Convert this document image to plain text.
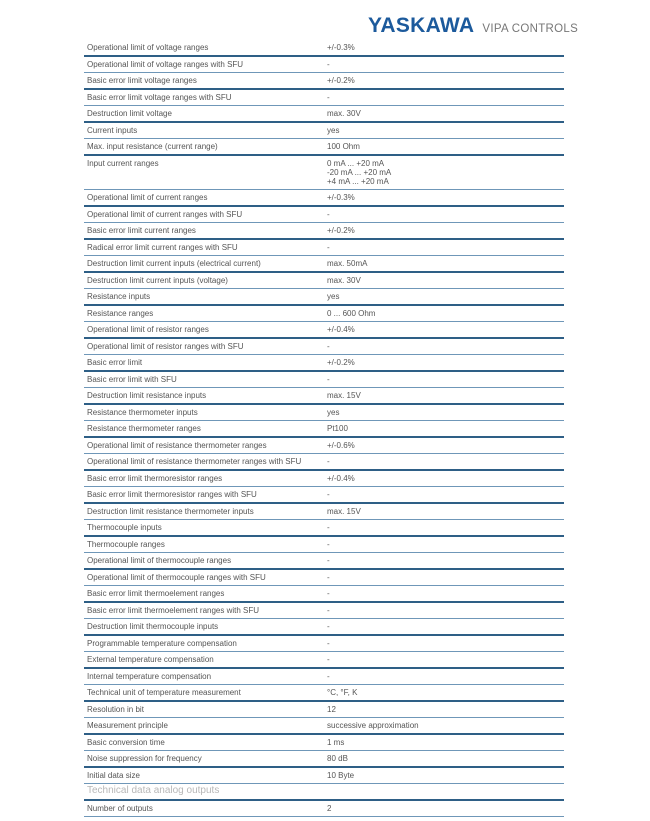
YASKAWA VIPA CONTROLS
Operational limit of voltage ranges	+/-0.3%
Operational limit of voltage ranges with SFU	-
Basic error limit voltage ranges	+/-0.2%
Basic error limit voltage ranges with SFU	-
Destruction limit voltage	max. 30V
Current inputs	yes
Max. input resistance (current range)	100 Ohm
Input current ranges	0 mA ... +20 mA
-20 mA ... +20 mA
+4 mA ... +20 mA
Operational limit of current ranges	+/-0.3%
Operational limit of current ranges with SFU	-
Basic error limit current ranges	+/-0.2%
Radical error limit current ranges with SFU	-
Destruction limit current inputs (electrical current)	max. 50mA
Destruction limit current inputs (voltage)	max. 30V
Resistance inputs	yes
Resistance ranges	0 ... 600 Ohm
Operational limit of resistor ranges	+/-0.4%
Operational limit of resistor ranges with SFU	-
Basic error limit	+/-0.2%
Basic error limit with SFU	-
Destruction limit resistance inputs	max. 15V
Resistance thermometer inputs	yes
Resistance thermometer ranges	Pt100
Operational limit of resistance thermometer ranges	+/-0.6%
Operational limit of resistance thermometer ranges with SFU	-
Basic error limit thermoresistor ranges	+/-0.4%
Basic error limit thermoresistor ranges with SFU	-
Destruction limit resistance thermometer inputs	max. 15V
Thermocouple inputs	-
Thermocouple ranges	-
Operational limit of thermocouple ranges	-
Operational limit of thermocouple ranges with SFU	-
Basic error limit thermoelement ranges	-
Basic error limit thermoelement ranges with SFU	-
Destruction limit thermocouple inputs	-
Programmable temperature compensation	-
External temperature compensation	-
Internal temperature compensation	-
Technical unit of temperature measurement	°C, °F, K
Resolution in bit	12
Measurement principle	successive approximation
Basic conversion time	1 ms
Noise suppression for frequency	80 dB
Initial data size	10 Byte
Technical data analog outputs
Number of outputs	2
